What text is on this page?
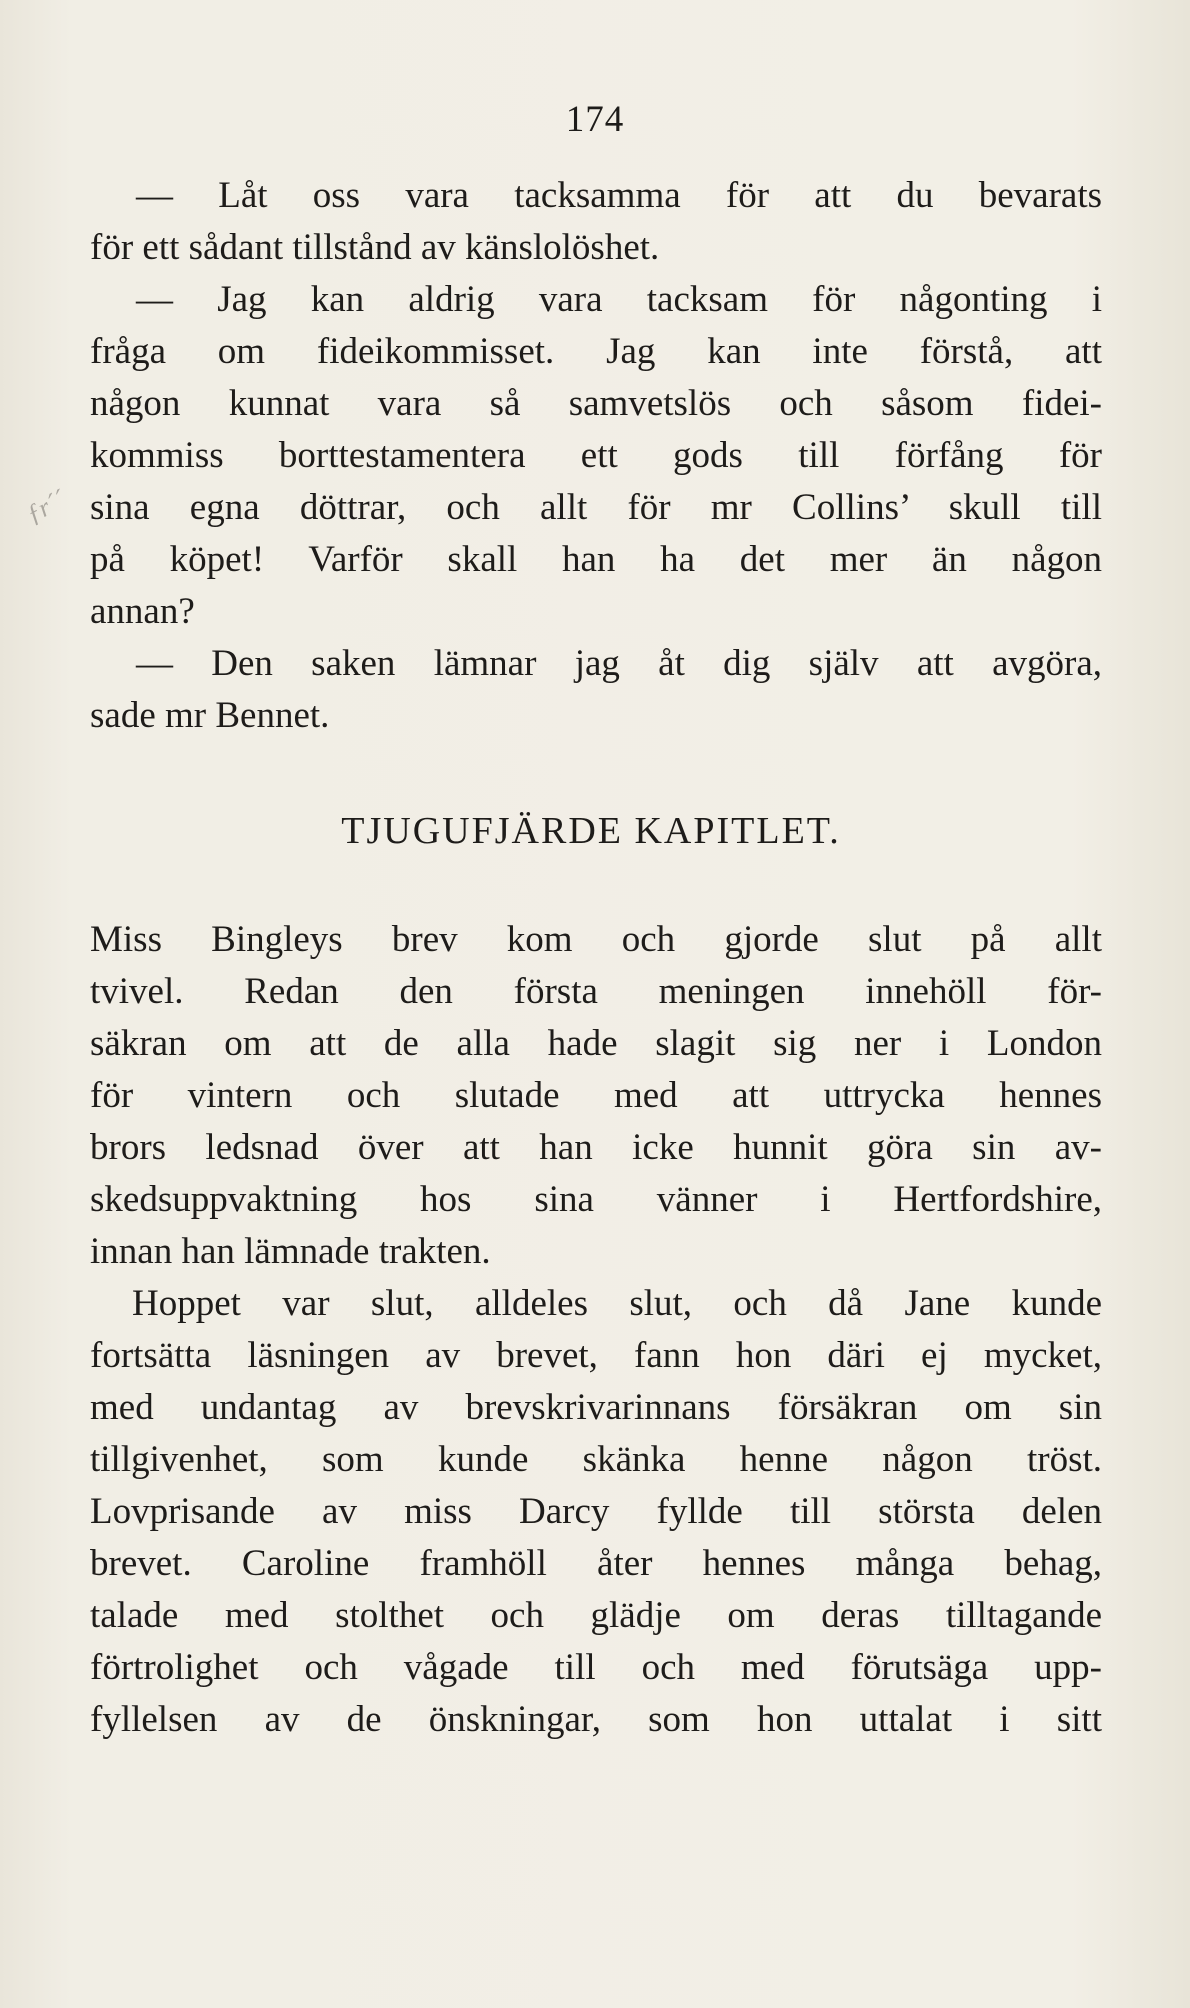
174
ƒr´´
— Låt oss vara tacksamma för att du bevarats
för ett sådant tillstånd av känslolöshet.
— Jag kan aldrig vara tacksam för någonting i
fråga om fideikommisset. Jag kan inte förstå, att
någon kunnat vara så samvetslös och såsom fidei-
kommiss borttestamentera ett gods till förfång för
sina egna döttrar, och allt för mr Collins’ skull till
på köpet! Varför skall han ha det mer än någon
annan?
— Den saken lämnar jag åt dig själv att avgöra,
sade mr Bennet.
TJUGUFJÄRDE KAPITLET.
Miss Bingleys brev kom och gjorde slut på allt
tvivel. Redan den första meningen innehöll för-
säkran om att de alla hade slagit sig ner i London
för vintern och slutade med att uttrycka hennes
brors ledsnad över att han icke hunnit göra sin av-
skedsuppvaktning hos sina vänner i Hertfordshire,
innan han lämnade trakten.
Hoppet var slut, alldeles slut, och då Jane kunde
fortsätta läsningen av brevet, fann hon däri ej mycket,
med undantag av brevskrivarinnans försäkran om sin
tillgivenhet, som kunde skänka henne någon tröst.
Lovprisande av miss Darcy fyllde till största delen
brevet. Caroline framhöll åter hennes många behag,
talade med stolthet och glädje om deras tilltagande
förtrolighet och vågade till och med förutsäga upp-
fyllelsen av de önskningar, som hon uttalat i sitt
